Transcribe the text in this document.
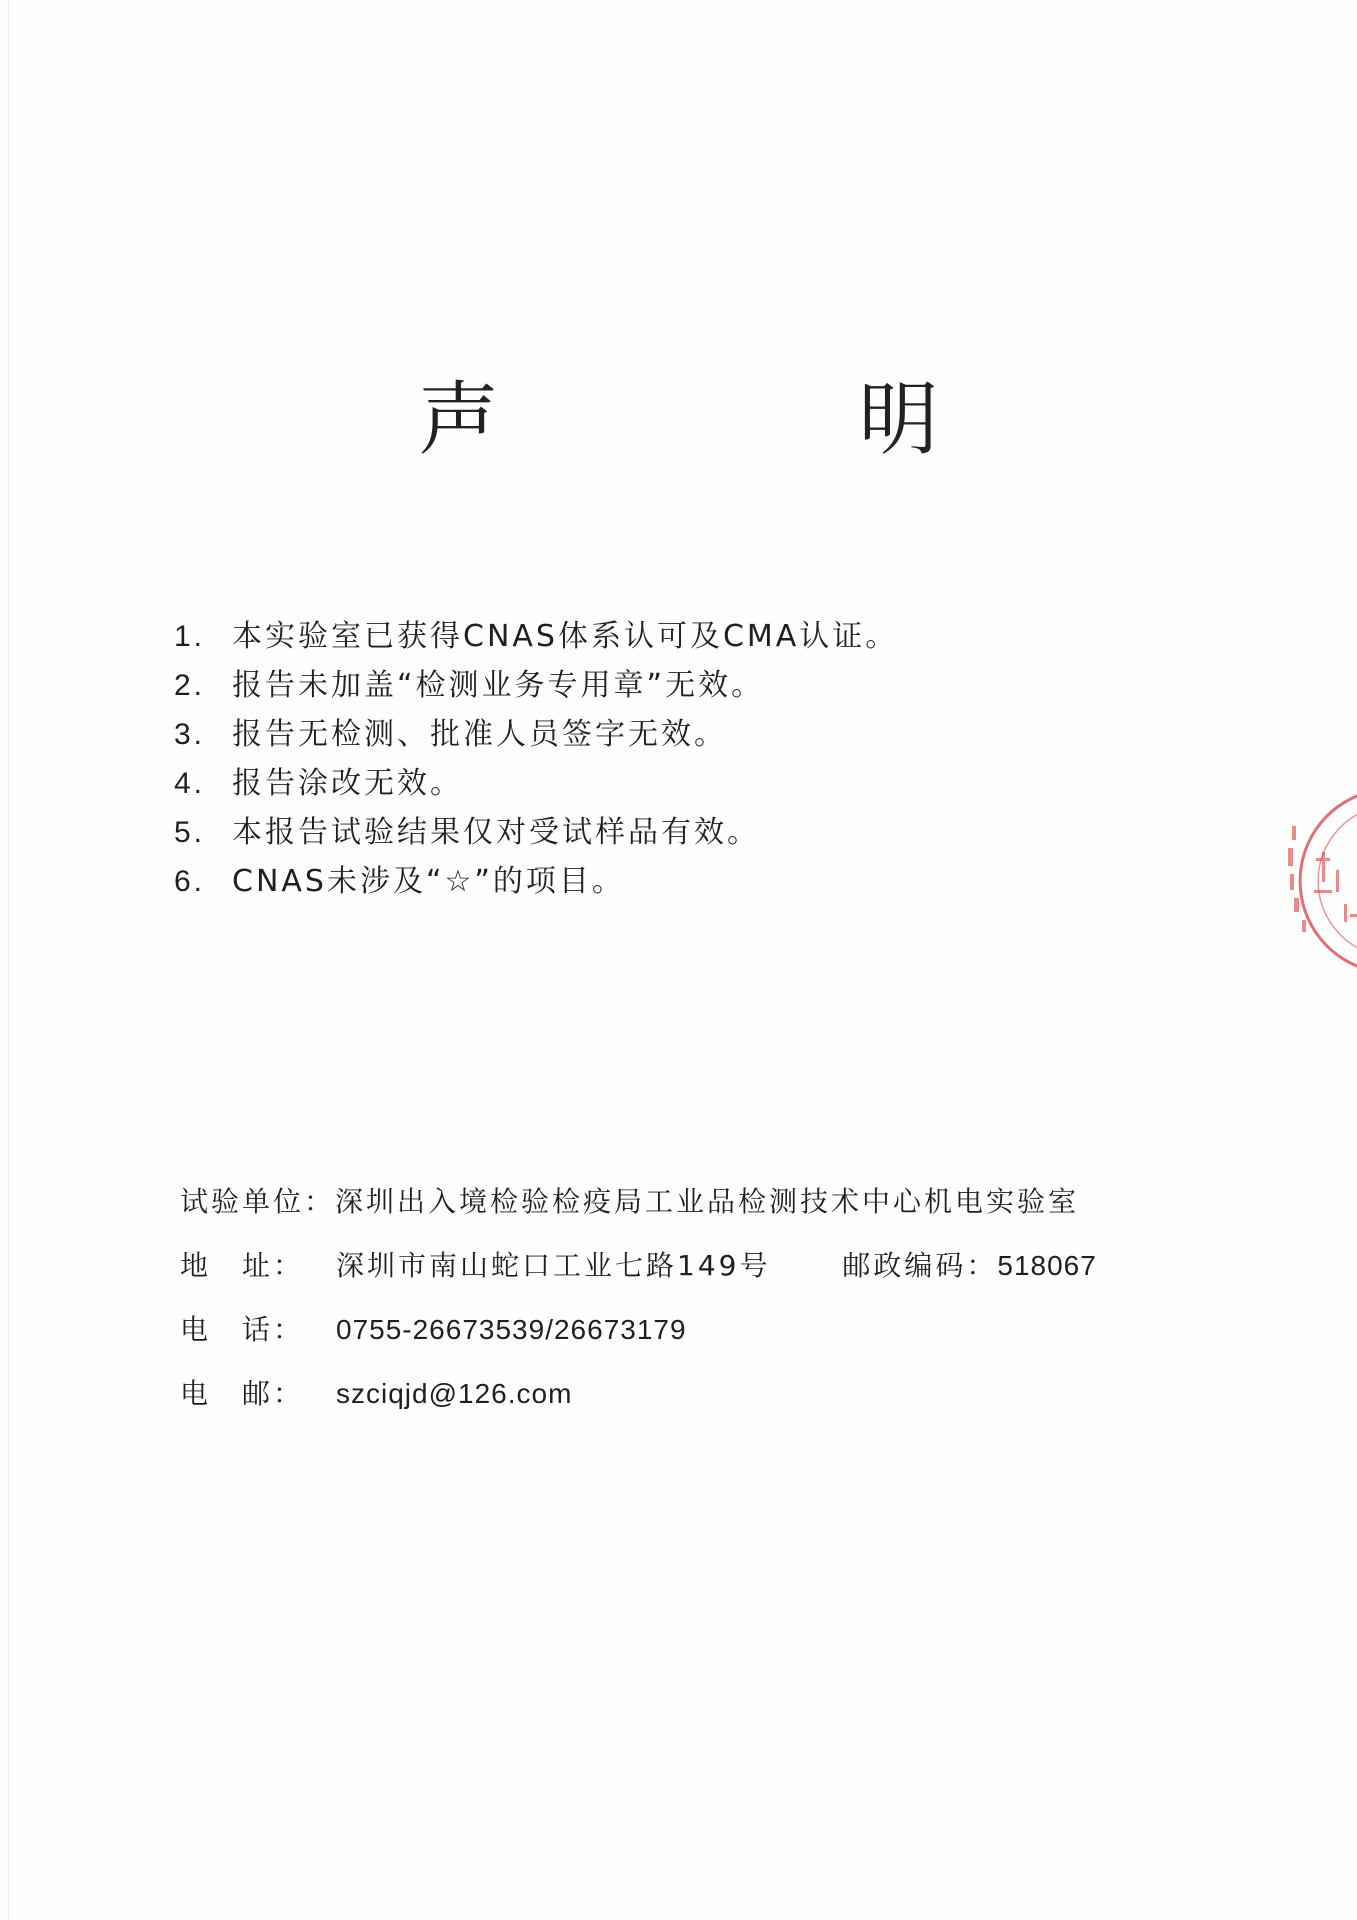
声　明
1. 本实验室已获得CNAS体系认可及CMA认证。
2. 报告未加盖“检测业务专用章”无效。
3. 报告无检测、批准人员签字无效。
4. 报告涂改无效。
5. 本报告试验结果仅对受试样品有效。
6. CNAS未涉及“☆”的项目。
试验单位：深圳出入境检验检疫局工业品检测技术中心机电实验室
地　址： 深圳市南山蛇口工业七路149号	邮政编码：518067
电　话： 0755-26673539/26673179
电　邮： szciqjd@126.com
